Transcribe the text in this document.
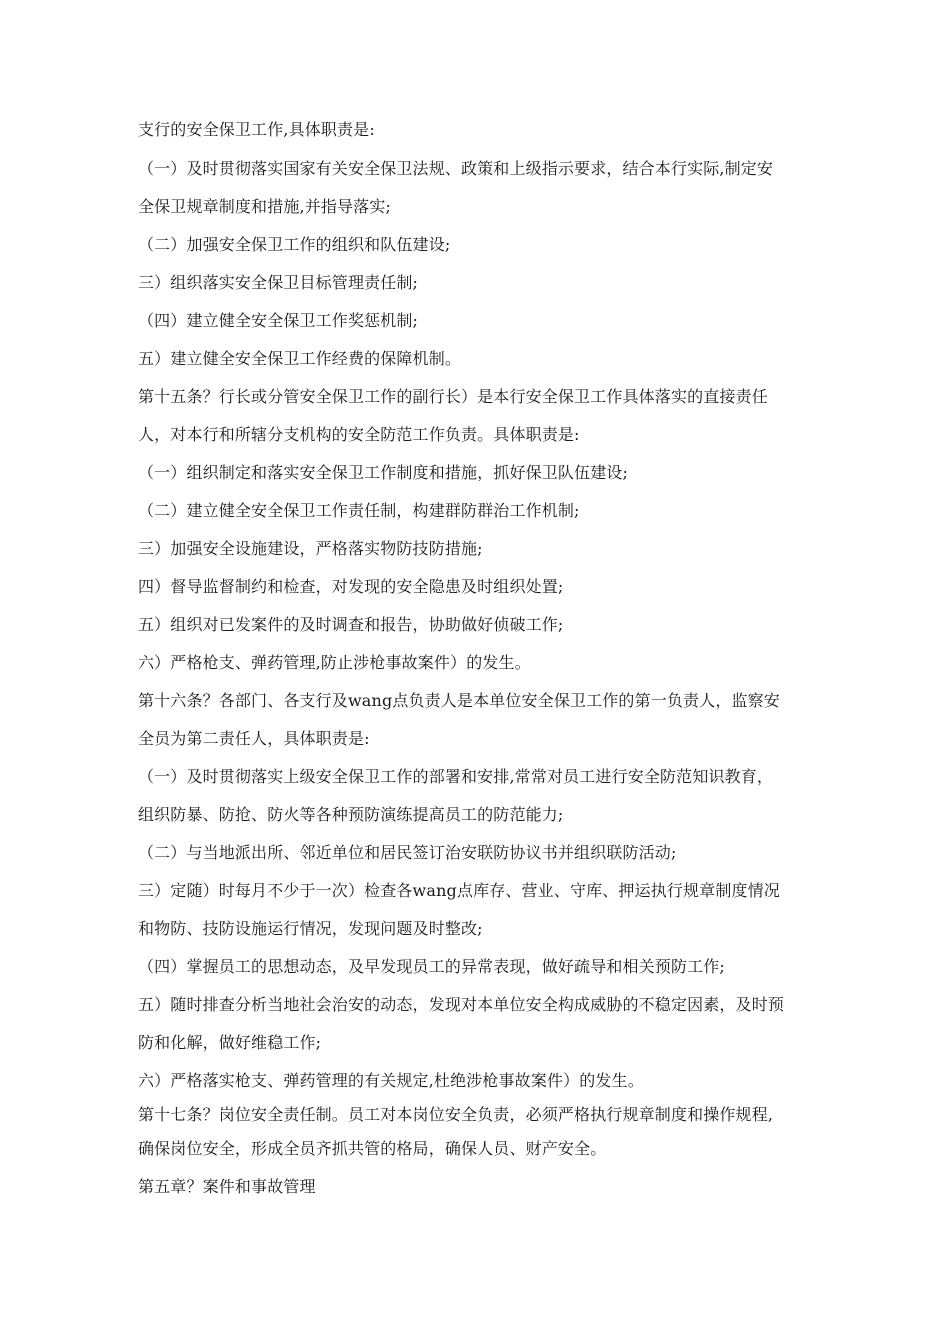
支行的安全保卫工作,具体职责是:
（一）及时贯彻落实国家有关安全保卫法规、政策和上级指示要求，结合本行实际,制定安
全保卫规章制度和措施,并指导落实;
（二）加强安全保卫工作的组织和队伍建设;
三）组织落实安全保卫目标管理责任制;
（四）建立健全安全保卫工作奖惩机制;
五）建立健全安全保卫工作经费的保障机制。
第十五条？行长或分管安全保卫工作的副行长）是本行安全保卫工作具体落实的直接责任
人，对本行和所辖分支机构的安全防范工作负责。具体职责是:
（一）组织制定和落实安全保卫工作制度和措施，抓好保卫队伍建设;
（二）建立健全安全保卫工作责任制，构建群防群治工作机制;
三）加强安全设施建设，严格落实物防技防措施;
四）督导监督制约和检查，对发现的安全隐患及时组织处置;
五）组织对已发案件的及时调查和报告，协助做好侦破工作;
六）严格枪支、弹药管理,防止涉枪事故案件）的发生。
第十六条？各部门、各支行及wang点负责人是本单位安全保卫工作的第一负责人，监察安
全员为第二责任人，具体职责是:
（一）及时贯彻落实上级安全保卫工作的部署和安排,常常对员工进行安全防范知识教育，
组织防暴、防抢、防火等各种预防演练提高员工的防范能力;
（二）与当地派出所、邻近单位和居民签订治安联防协议书并组织联防活动;
三）定随）时每月不少于一次）检查各wang点库存、营业、守库、押运执行规章制度情况
和物防、技防设施运行情况，发现问题及时整改;
（四）掌握员工的思想动态，及早发现员工的异常表现，做好疏导和相关预防工作;
五）随时排查分析当地社会治安的动态，发现对本单位安全构成威胁的不稳定因素，及时预
防和化解，做好维稳工作;
六）严格落实枪支、弹药管理的有关规定,杜绝涉枪事故案件）的发生。
第十七条？岗位安全责任制。员工对本岗位安全负责，必须严格执行规章制度和操作规程,
确保岗位安全，形成全员齐抓共管的格局，确保人员、财产安全。
第五章？案件和事故管理
